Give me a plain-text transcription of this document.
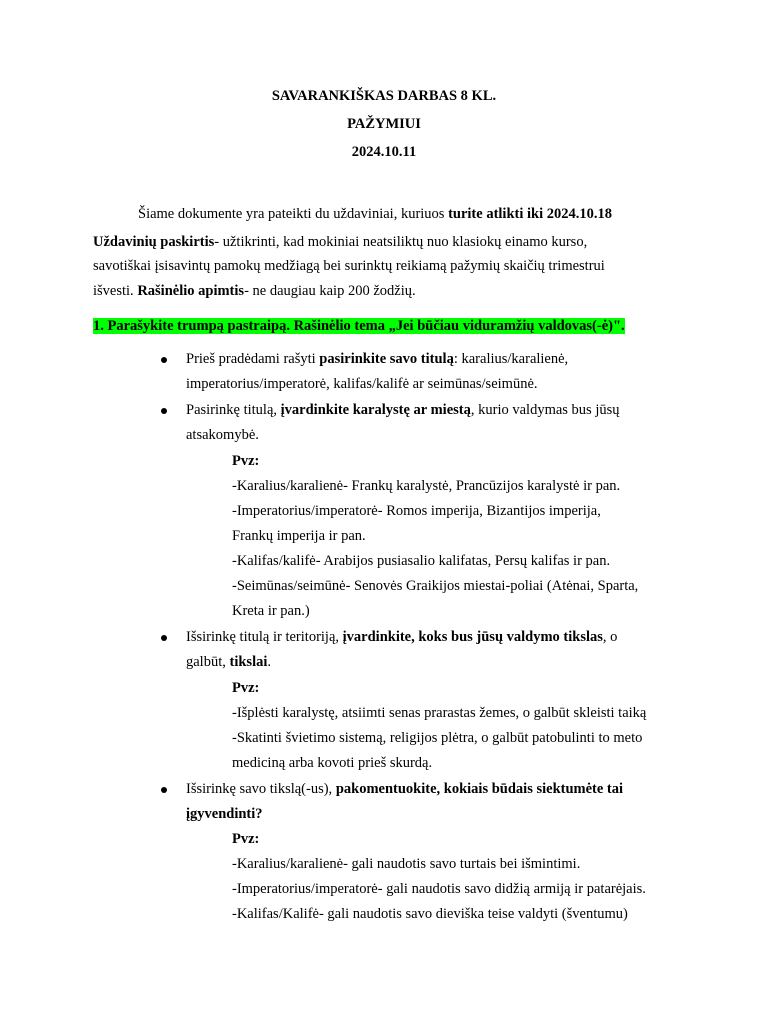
SAVARANKIŠKAS DARBAS 8 KL.
PAŽYMIUI
2024.10.11
Šiame dokumente yra pateikti du uždaviniai, kuriuos turite atlikti iki 2024.10.18
Uždavinių paskirtis- užtikrinti, kad mokiniai neatsiliktų nuo klasiokų einamo kurso,
savotiškai įsisavintų pamokų medžiagą bei surinktų reikiamą pažymių skaičių trimestrui
išvesti. Rašinėlio apimtis- ne daugiau kaip 200 žodžių.
1. Parašykite trumpą pastraipą. Rašinėlio tema „Jei būčiau viduramžių valdovas(-ė)".
Prieš pradėdami rašyti pasirinkite savo titulą: karalius/karalienė,
imperatorius/imperatorė, kalifas/kalifė ar seimūnas/seimūnė.
Pasirinkę titulą, įvardinkite karalystę ar miestą, kurio valdymas bus jūsų
atsakomybė.
Pvz:
-Karalius/karalienė- Frankų karalystė, Prancūzijos karalystė ir pan.
-Imperatorius/imperatorė- Romos imperija, Bizantijos imperija,
Frankų imperija ir pan.
-Kalifas/kalifė- Arabijos pusiasalio kalifatas, Persų kalifas ir pan.
-Seimūnas/seimūnė- Senovės Graikijos miestai-poliai (Atėnai, Sparta,
Kreta ir pan.)
Išsirinkę titulą ir teritoriją, įvardinkite, koks bus jūsų valdymo tikslas, o
galbūt, tikslai.
Pvz:
-Išplėsti karalystę, atsiimti senas prarastas žemes, o galbūt skleisti taiką
-Skatinti švietimo sistemą, religijos plėtra, o galbūt patobulinti to meto
mediciną arba kovoti prieš skurdą.
Išsirinkę savo tikslą(-us), pakomentuokite, kokiais būdais siektumėte tai
įgyvendinti?
Pvz:
-Karalius/karalienė- gali naudotis savo turtais bei išmintimi.
-Imperatorius/imperatorė- gali naudotis savo didžią armiją ir patarėjais.
-Kalifas/Kalifė- gali naudotis savo dieviška teise valdyti (šventumu)
